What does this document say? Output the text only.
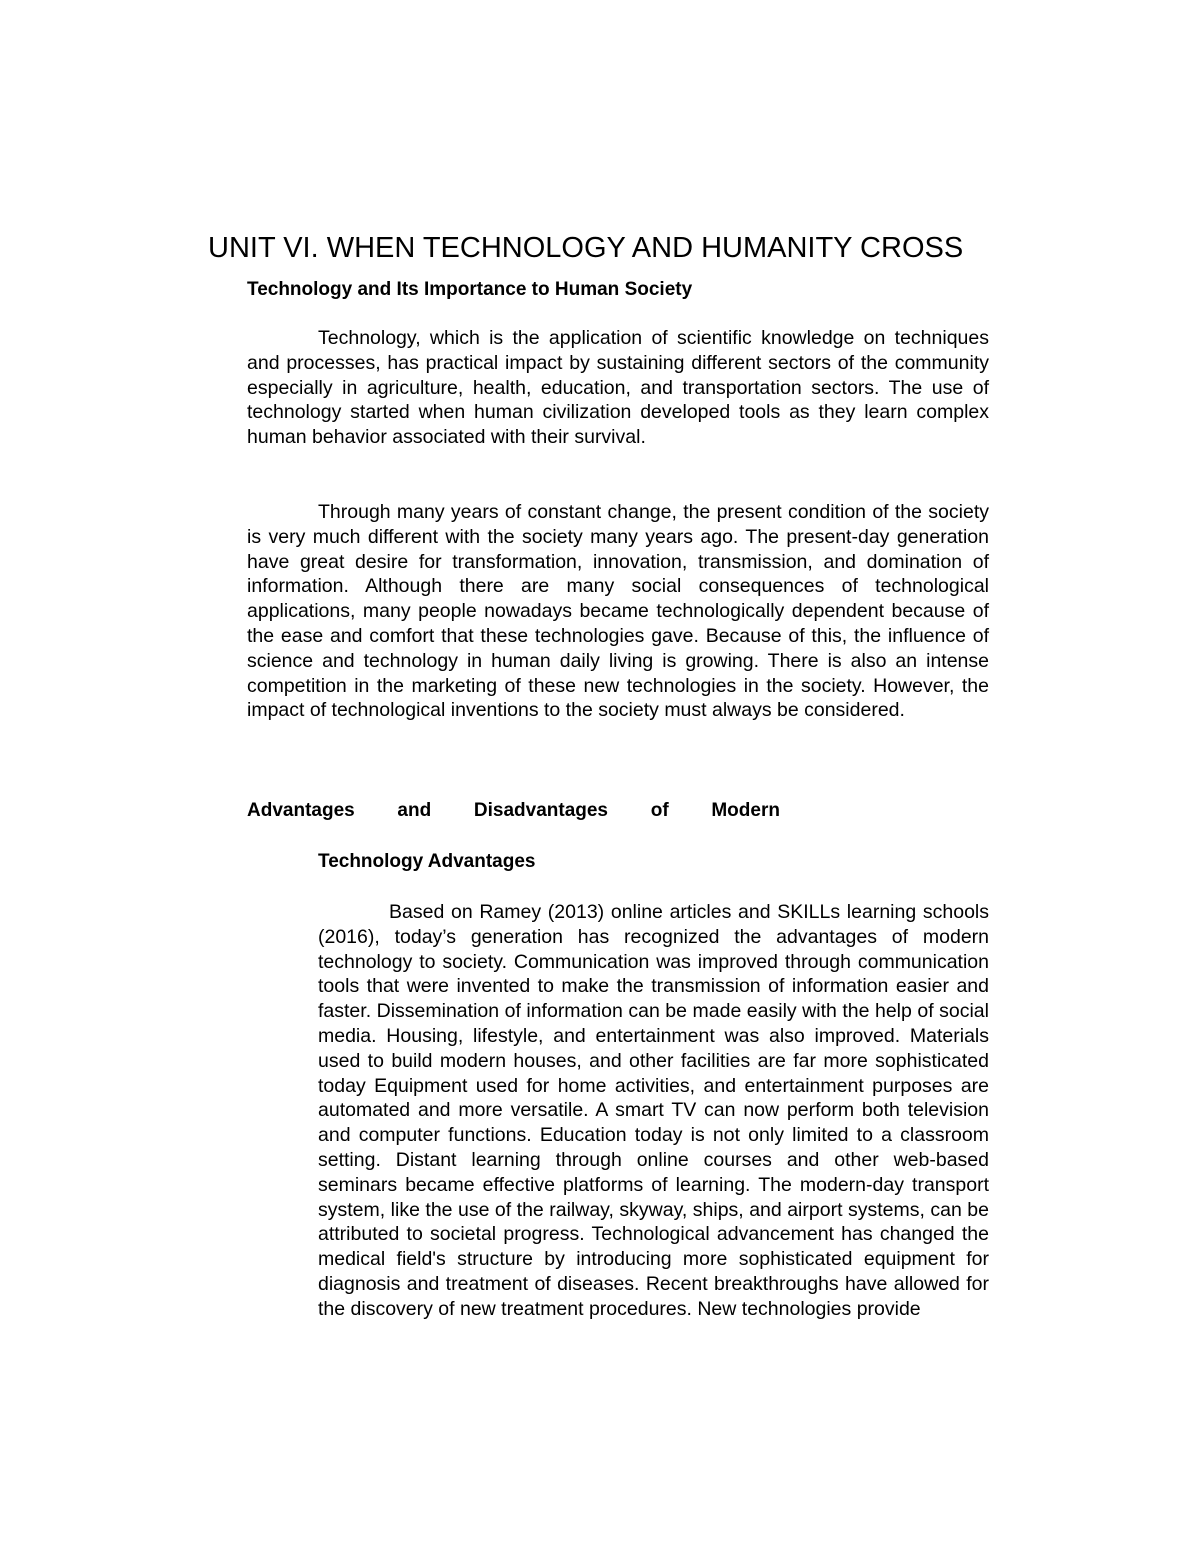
UNIT VI. WHEN TECHNOLOGY AND HUMANITY CROSS
Technology and Its Importance to Human Society

Technology, which is the application of scientific knowledge on techniques and processes, has practical impact by sustaining different sectors of the community especially in agriculture, health, education, and transportation sectors. The use of technology started when human civilization developed tools as they learn complex human behavior associated with their survival.

Through many years of constant change, the present condition of the society is very much different with the society many years ago. The present-day generation have great desire for transformation, innovation, transmission, and domination of information. Although there are many social consequences of technological applications, many people nowadays became technologically dependent because of the ease and comfort that these technologies gave. Because of this, the influence of science and technology in human daily living is growing. There is also an intense competition in the marketing of these new technologies in the society. However, the impact of technological inventions to the society must always be considered.

Advantages and Disadvantages of Modern
Technology Advantages

Based on Ramey (2013) online articles and SKILLs learning schools (2016), today’s generation has recognized the advantages of modern technology to society. Communication was improved through communication tools that were invented to make the transmission of information easier and faster. Dissemination of information can be made easily with the help of social media. Housing, lifestyle, and entertainment was also improved. Materials used to build modern houses, and other facilities are far more sophisticated today Equipment used for home activities, and entertainment purposes are automated and more versatile. A smart TV can now perform both television and computer functions. Education today is not only limited to a classroom setting. Distant learning through online courses and other web-based seminars became effective platforms of learning. The modern-day transport system, like the use of the railway, skyway, ships, and airport systems, can be attributed to societal progress. Technological advancement has changed the medical field's structure by introducing more sophisticated equipment for diagnosis and treatment of diseases. Recent breakthroughs have allowed for the discovery of new treatment procedures. New technologies provide
